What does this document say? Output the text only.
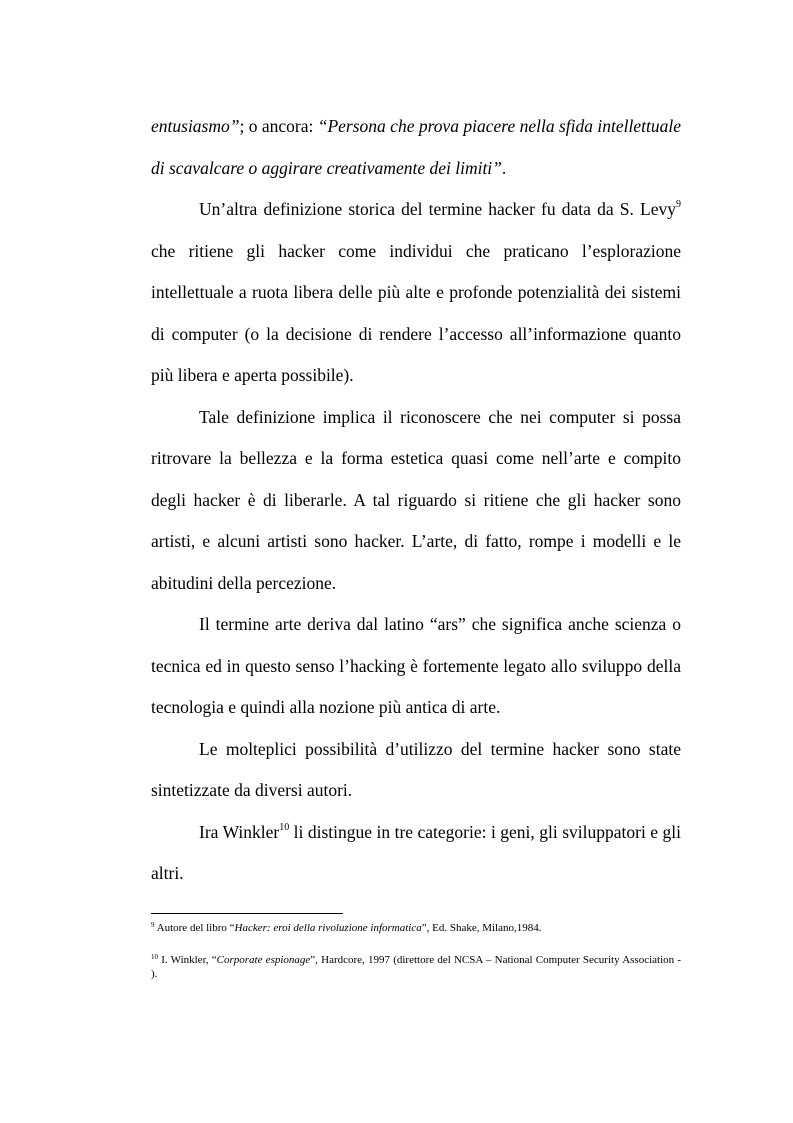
entusiasmo”; o ancora: “Persona che prova piacere nella sfida intellettuale di scavalcare o aggirare creativamente dei limiti”.

Un’altra definizione storica del termine hacker fu data da S. Levy$^9$ che ritiene gli hacker come individui che praticano l’esplorazione intellettuale a ruota libera delle più alte e profonde potenzialità dei sistemi di computer (o la decisione di rendere l’accesso all’informazione quanto più libera e aperta possibile).

Tale definizione implica il riconoscere che nei computer si possa ritrovare la bellezza e la forma estetica quasi come nell’arte e compito degli hacker è di liberarle. A tal riguardo si ritiene che gli hacker sono artisti, e alcuni artisti sono hacker. L’arte, di fatto, rompe i modelli e le abitudini della percezione.

Il termine arte deriva dal latino “ars” che significa anche scienza o tecnica ed in questo senso l’hacking è fortemente legato allo sviluppo della tecnologia e quindi alla nozione più antica di arte.

Le molteplici possibilità d’utilizzo del termine hacker sono state sintetizzate da diversi autori.

Ira Winkler$^{10}$ li distingue in tre categorie: i geni, gli sviluppatori e gli altri.

$^9$ Autore del libro “Hacker: eroi della rivoluzione informatica”, Ed. Shake, Milano,1984.

$^{10}$ I. Winkler, “Corporate espionage”, Hardcore, 1997 (direttore del NCSA – National Computer Security Association - ).
